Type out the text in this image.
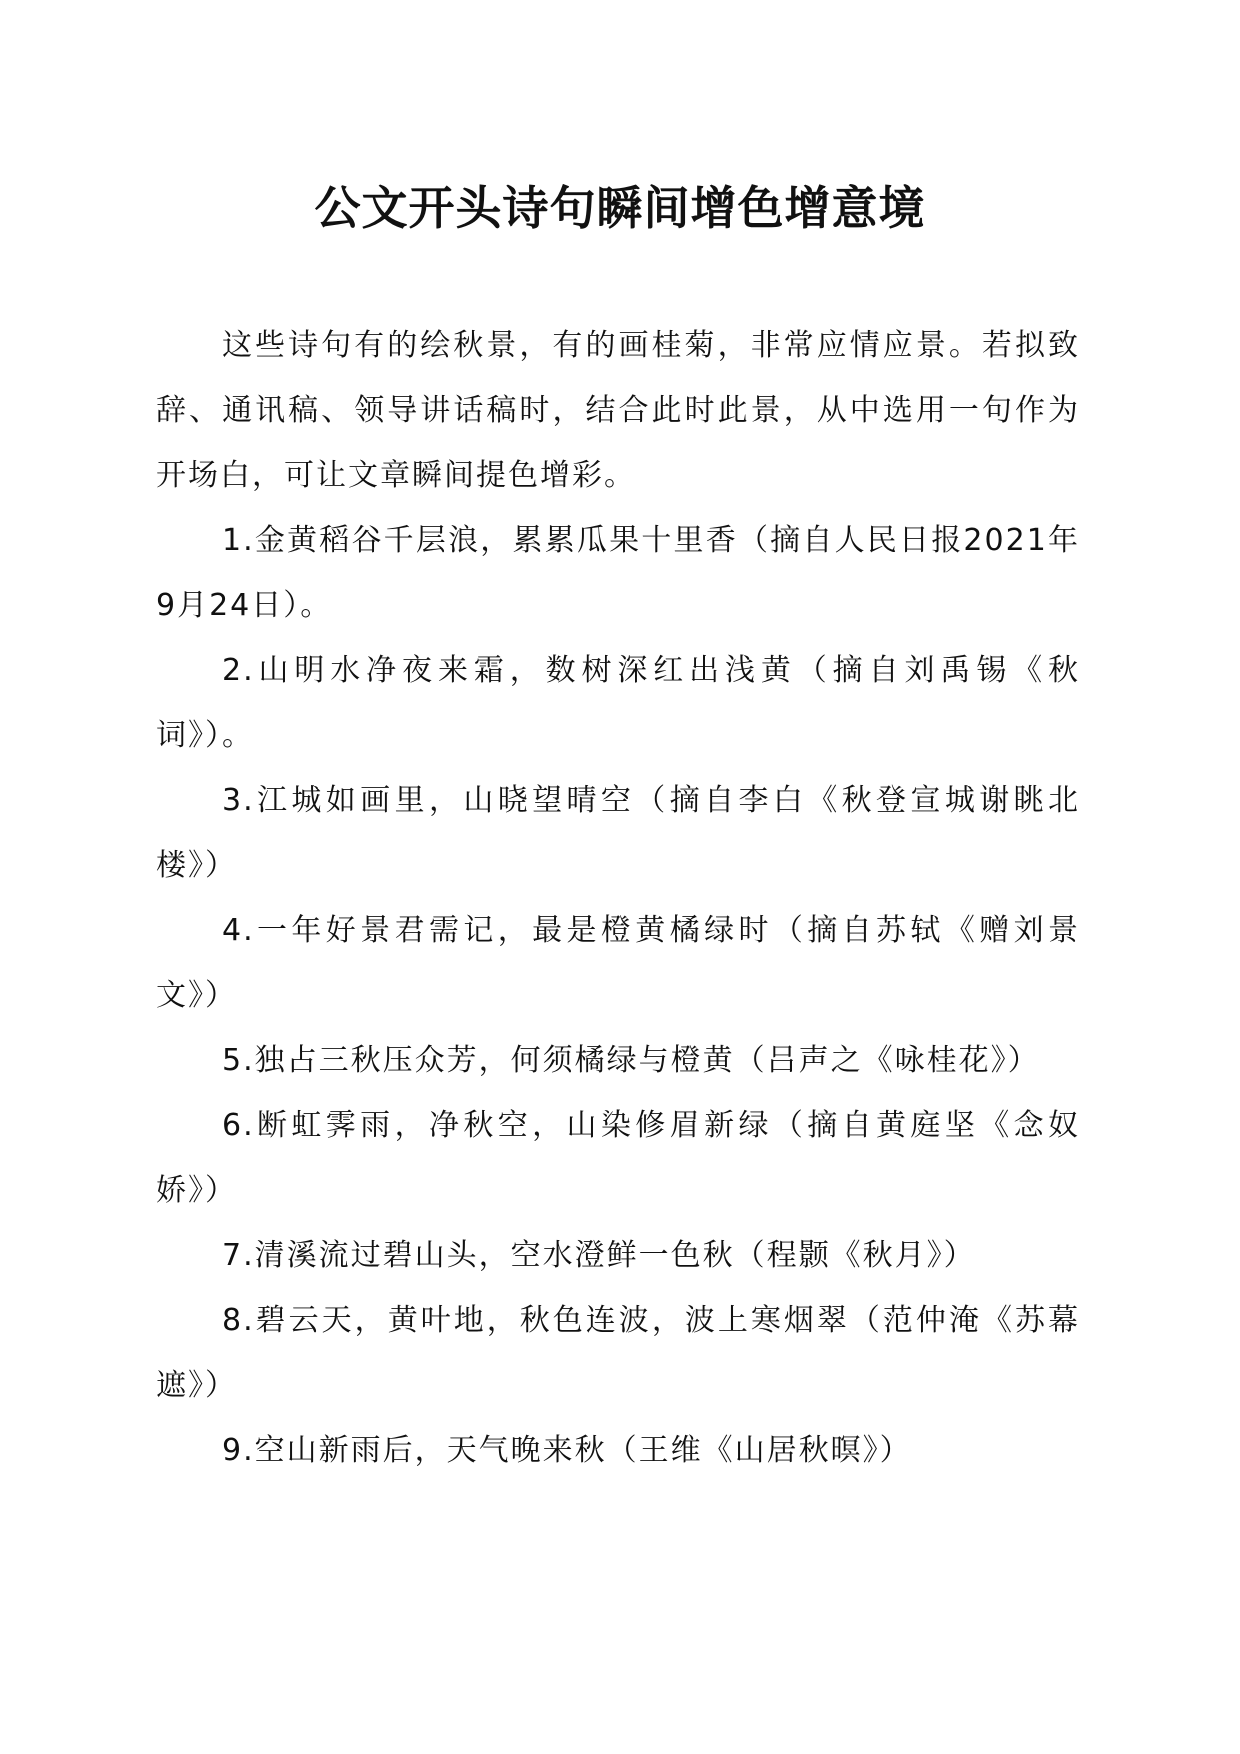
公文开头诗句瞬间增色增意境

这些诗句有的绘秋景，有的画桂菊，非常应情应景。若拟致辞、通讯稿、领导讲话稿时，结合此时此景，从中选用一句作为开场白，可让文章瞬间提色增彩。

1.金黄稻谷千层浪，累累瓜果十里香（摘自人民日报2021年9月24日）。

2.山明水净夜来霜，数树深红出浅黄（摘自刘禹锡《秋词》）。

3.江城如画里，山晓望晴空（摘自李白《秋登宣城谢眺北楼》）

4.一年好景君需记，最是橙黄橘绿时（摘自苏轼《赠刘景文》）

5.独占三秋压众芳，何须橘绿与橙黄（吕声之《咏桂花》）

6.断虹霁雨，净秋空，山染修眉新绿（摘自黄庭坚《念奴娇》）

7.清溪流过碧山头，空水澄鲜一色秋（程颢《秋月》）

8.碧云天，黄叶地，秋色连波，波上寒烟翠（范仲淹《苏幕遮》）

9.空山新雨后，天气晚来秋（王维《山居秋暝》）
